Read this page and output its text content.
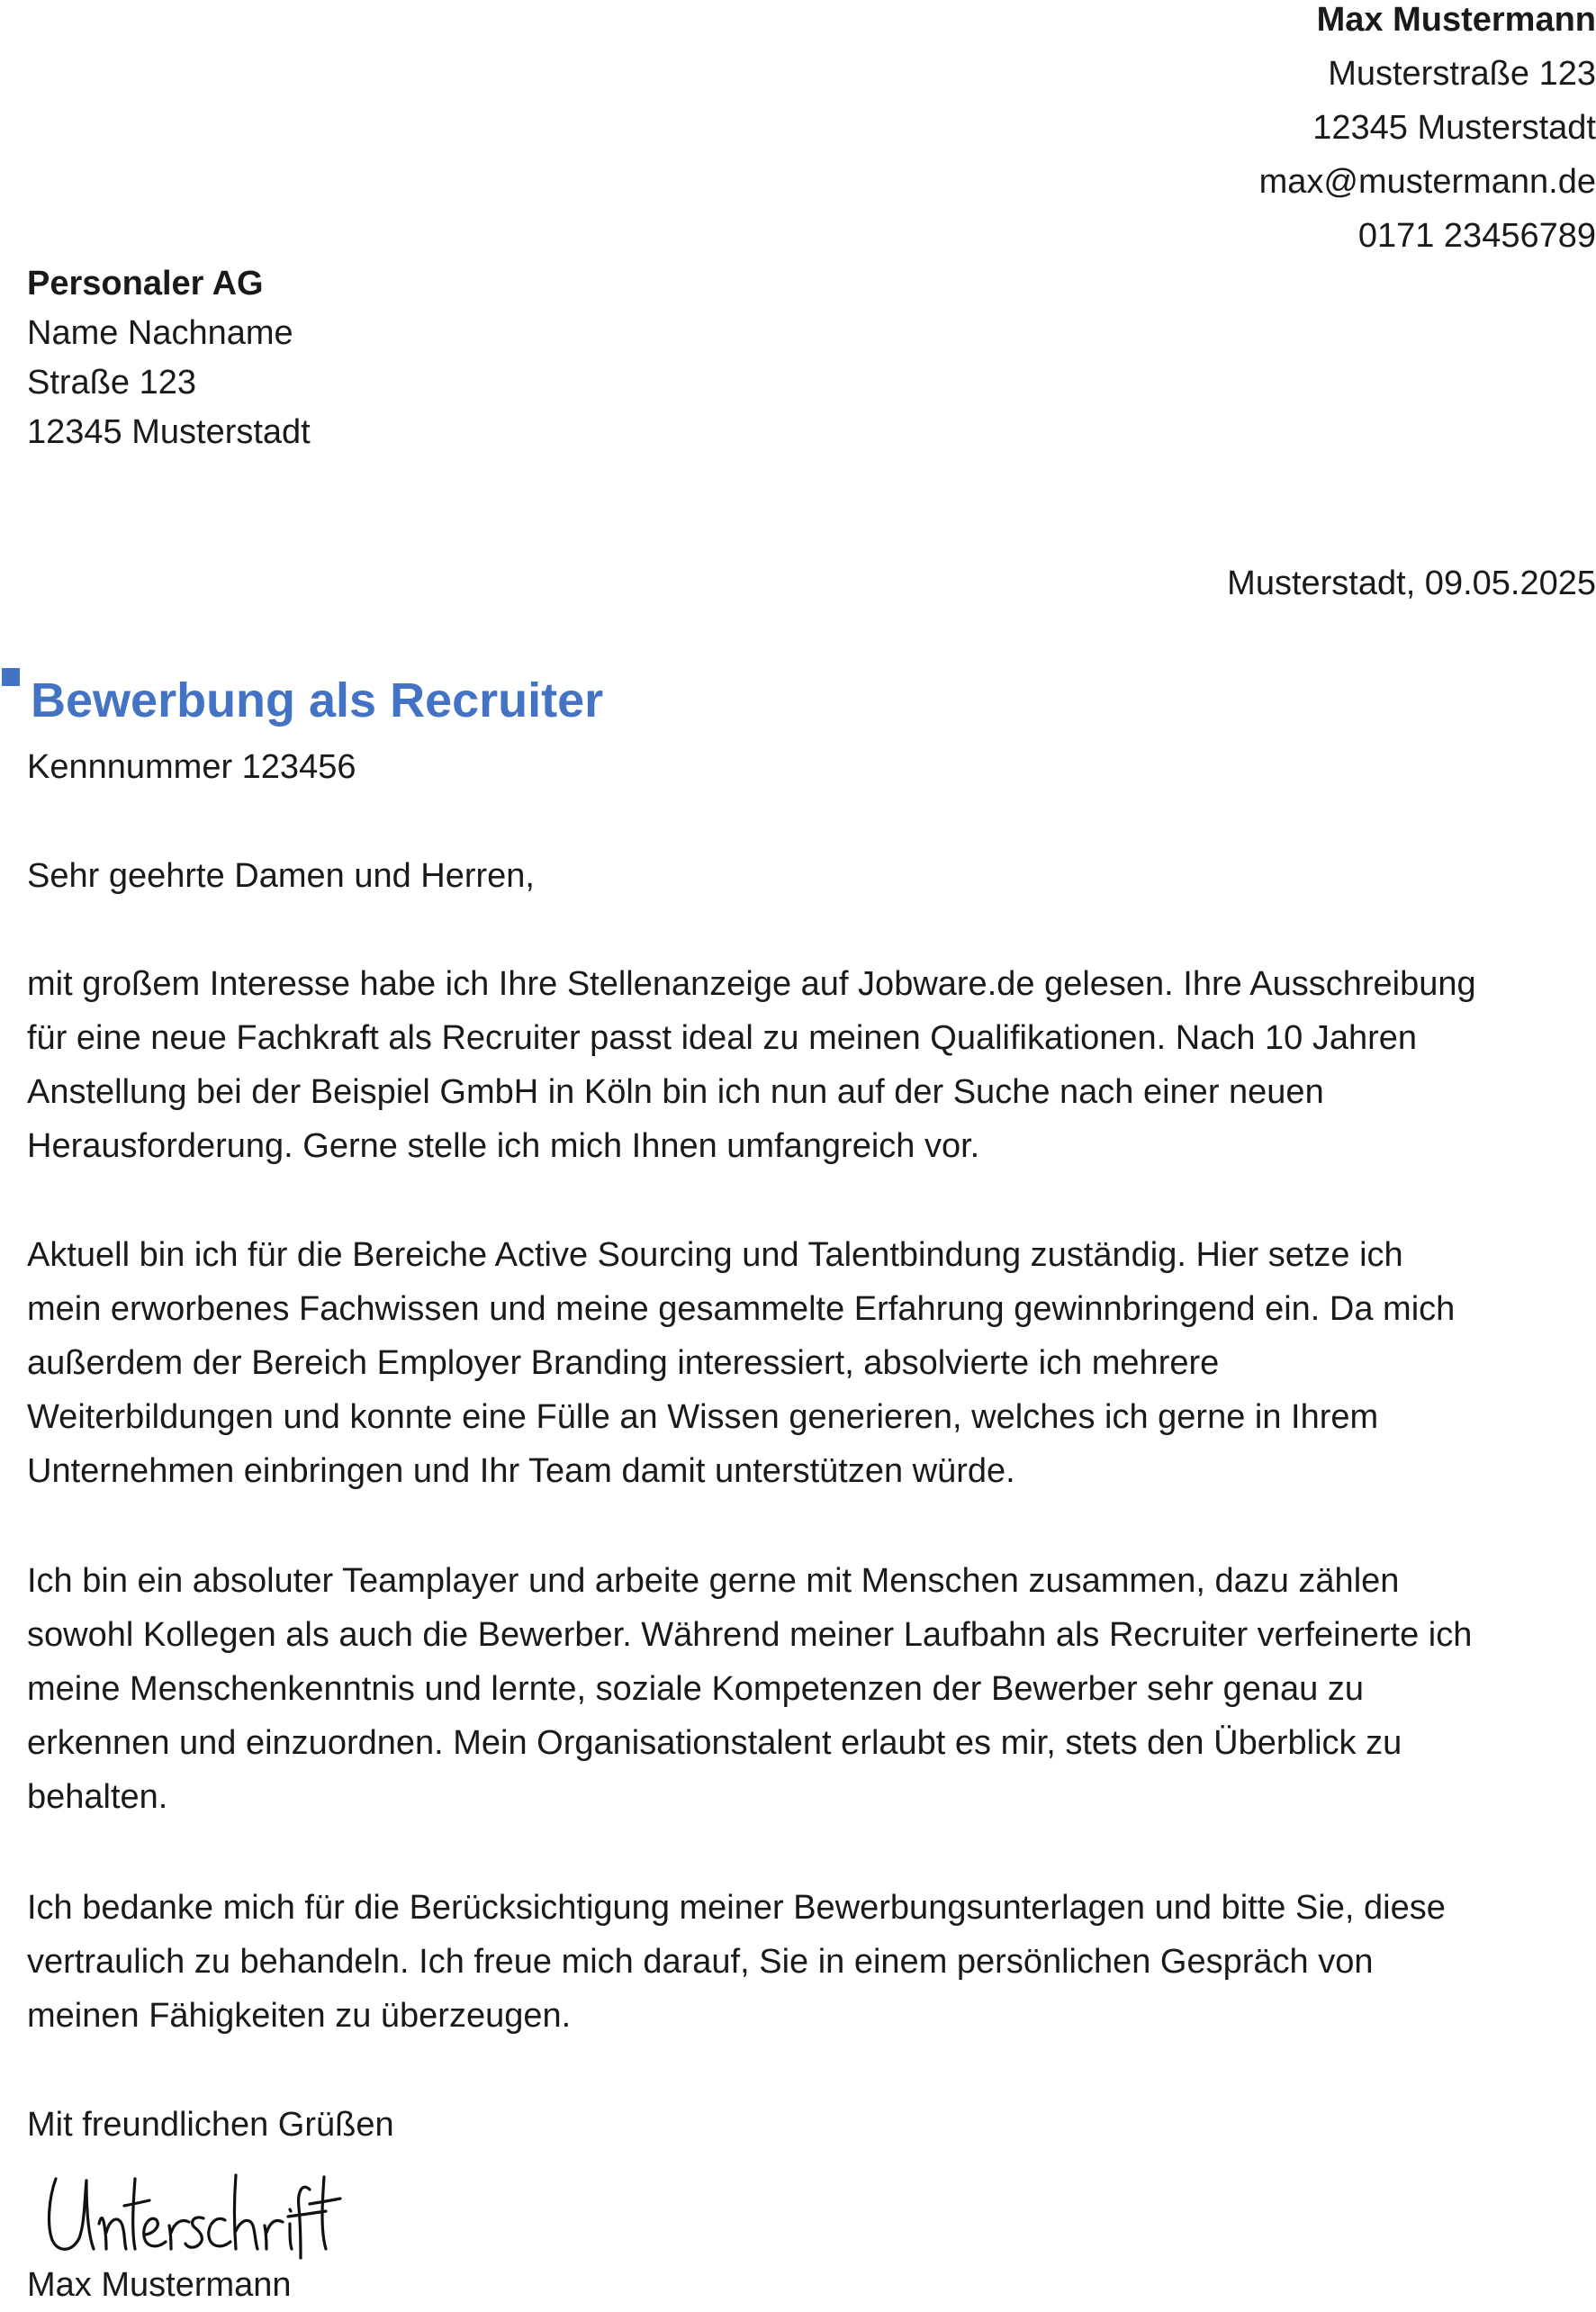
Max Mustermann
Musterstraße 123
12345 Musterstadt
max@mustermann.de
0171 23456789
Personaler AG
Name Nachname
Straße 123
12345 Musterstadt
Musterstadt, 09.05.2025
Bewerbung als Recruiter
Kennnummer 123456
Sehr geehrte Damen und Herren,
mit großem Interesse habe ich Ihre Stellenanzeige auf Jobware.de gelesen. Ihre Ausschreibung
für eine neue Fachkraft als Recruiter passt ideal zu meinen Qualifikationen. Nach 10 Jahren
Anstellung bei der Beispiel GmbH in Köln bin ich nun auf der Suche nach einer neuen
Herausforderung. Gerne stelle ich mich Ihnen umfangreich vor.
Aktuell bin ich für die Bereiche Active Sourcing und Talentbindung zuständig. Hier setze ich
mein erworbenes Fachwissen und meine gesammelte Erfahrung gewinnbringend ein. Da mich
außerdem der Bereich Employer Branding interessiert, absolvierte ich mehrere
Weiterbildungen und konnte eine Fülle an Wissen generieren, welches ich gerne in Ihrem
Unternehmen einbringen und Ihr Team damit unterstützen würde.
Ich bin ein absoluter Teamplayer und arbeite gerne mit Menschen zusammen, dazu zählen
sowohl Kollegen als auch die Bewerber. Während meiner Laufbahn als Recruiter verfeinerte ich
meine Menschenkenntnis und lernte, soziale Kompetenzen der Bewerber sehr genau zu
erkennen und einzuordnen. Mein Organisationstalent erlaubt es mir, stets den Überblick zu
behalten.
Ich bedanke mich für die Berücksichtigung meiner Bewerbungsunterlagen und bitte Sie, diese
vertraulich zu behandeln. Ich freue mich darauf, Sie in einem persönlichen Gespräch von
meinen Fähigkeiten zu überzeugen.
Mit freundlichen Grüßen
Max Mustermann
